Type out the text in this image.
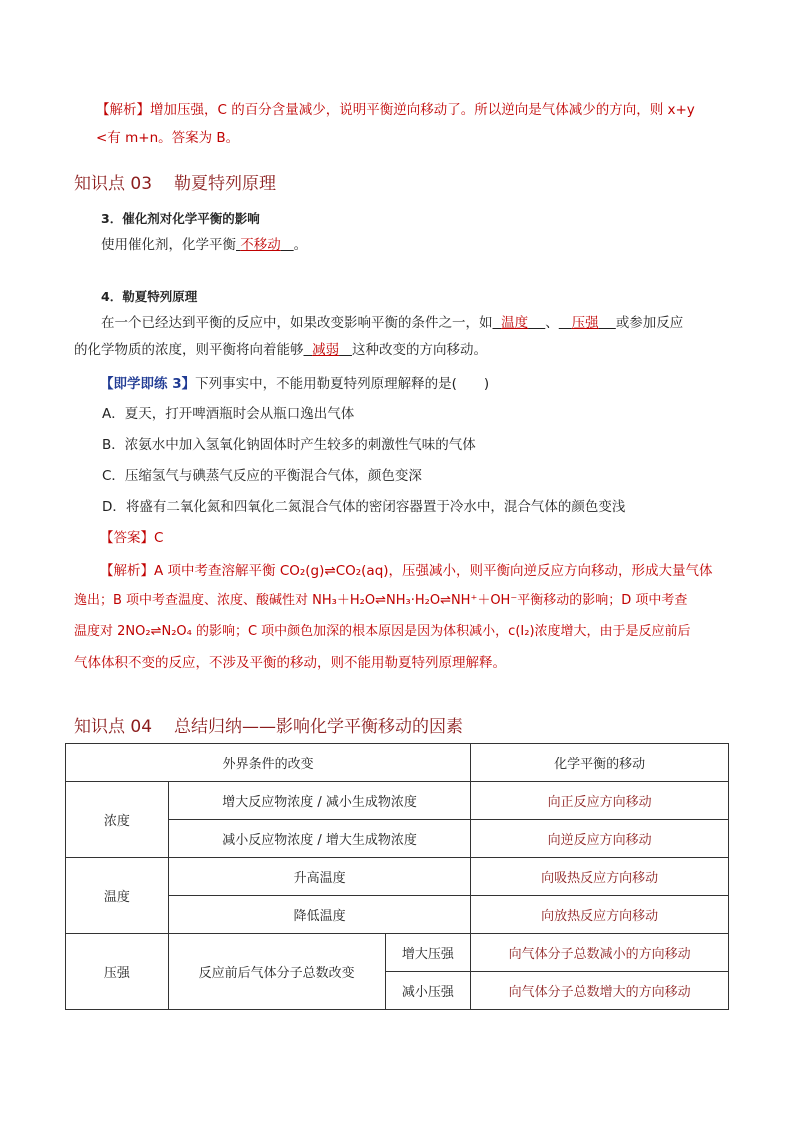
【解析】增加压强，C 的百分含量减少，说明平衡逆向移动了。所以逆向是气体减少的方向，则 x+y
<有 m+n。答案为 B。
知识点 03 勒夏特列原理
3．催化剂对化学平衡的影响
使用催化剂，化学平衡 不移动 。
4．勒夏特列原理
在一个已经达到平衡的反应中，如果改变影响平衡的条件之一，如 温度 、 压强 或参加反应
的化学物质的浓度，则平衡将向着能够 减弱 这种改变的方向移动。
【即学即练 3】下列事实中，不能用勒夏特列原理解释的是(　　)
A．夏天，打开啤酒瓶时会从瓶口逸出气体
B．浓氨水中加入氢氧化钠固体时产生较多的刺激性气味的气体
C．压缩氢气与碘蒸气反应的平衡混合气体，颜色变深
D．将盛有二氧化氮和四氧化二氮混合气体的密闭容器置于冷水中，混合气体的颜色变浅
【答案】C
【解析】A 项中考查溶解平衡 CO₂(g)⇌CO₂(aq)，压强减小，则平衡向逆反应方向移动，形成大量气体
逸出；B 项中考查温度、浓度、酸碱性对 NH₃＋H₂O⇌NH₃·H₂O⇌NH⁺＋OH⁻平衡移动的影响；D 项中考查
温度对 2NO₂⇌N₂O₄ 的影响；C 项中颜色加深的根本原因是因为体积减小，c(I₂)浓度增大，由于是反应前后
气体体积不变的反应，不涉及平衡的移动，则不能用勒夏特列原理解释。
知识点 04 总结归纳——影响化学平衡移动的因素
外界条件的改变			化学平衡的移动
浓度	增大反应物浓度 / 减小生成物浓度		向正反应方向移动
	减小反应物浓度 / 增大生成物浓度		向逆反应方向移动
温度	升高温度		向吸热反应方向移动
	降低温度		向放热反应方向移动
压强	反应前后气体分子总数改变	增大压强	向气体分子总数减小的方向移动
		减小压强	向气体分子总数增大的方向移动
